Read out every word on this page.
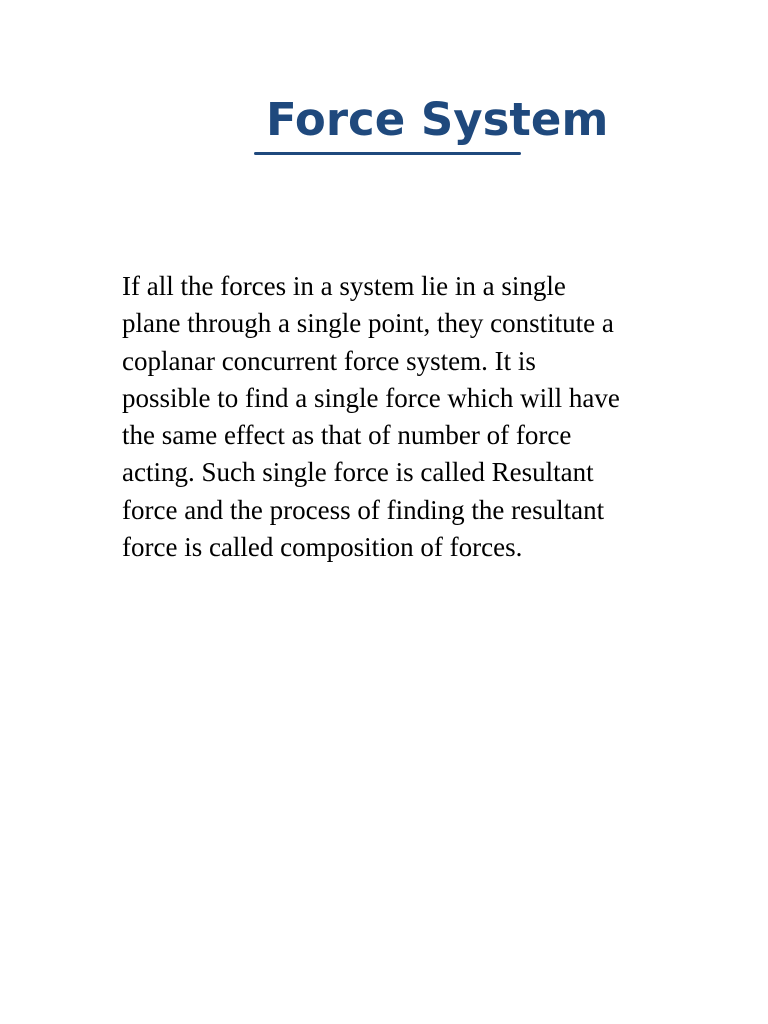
Force System

If all the forces in a system lie in a single
plane through a single point, they constitute a
coplanar concurrent force system. It is
possible to find a single force which will have
the same effect as that of number of force
acting. Such single force is called Resultant
force and the process of finding the resultant
force is called composition of forces.
